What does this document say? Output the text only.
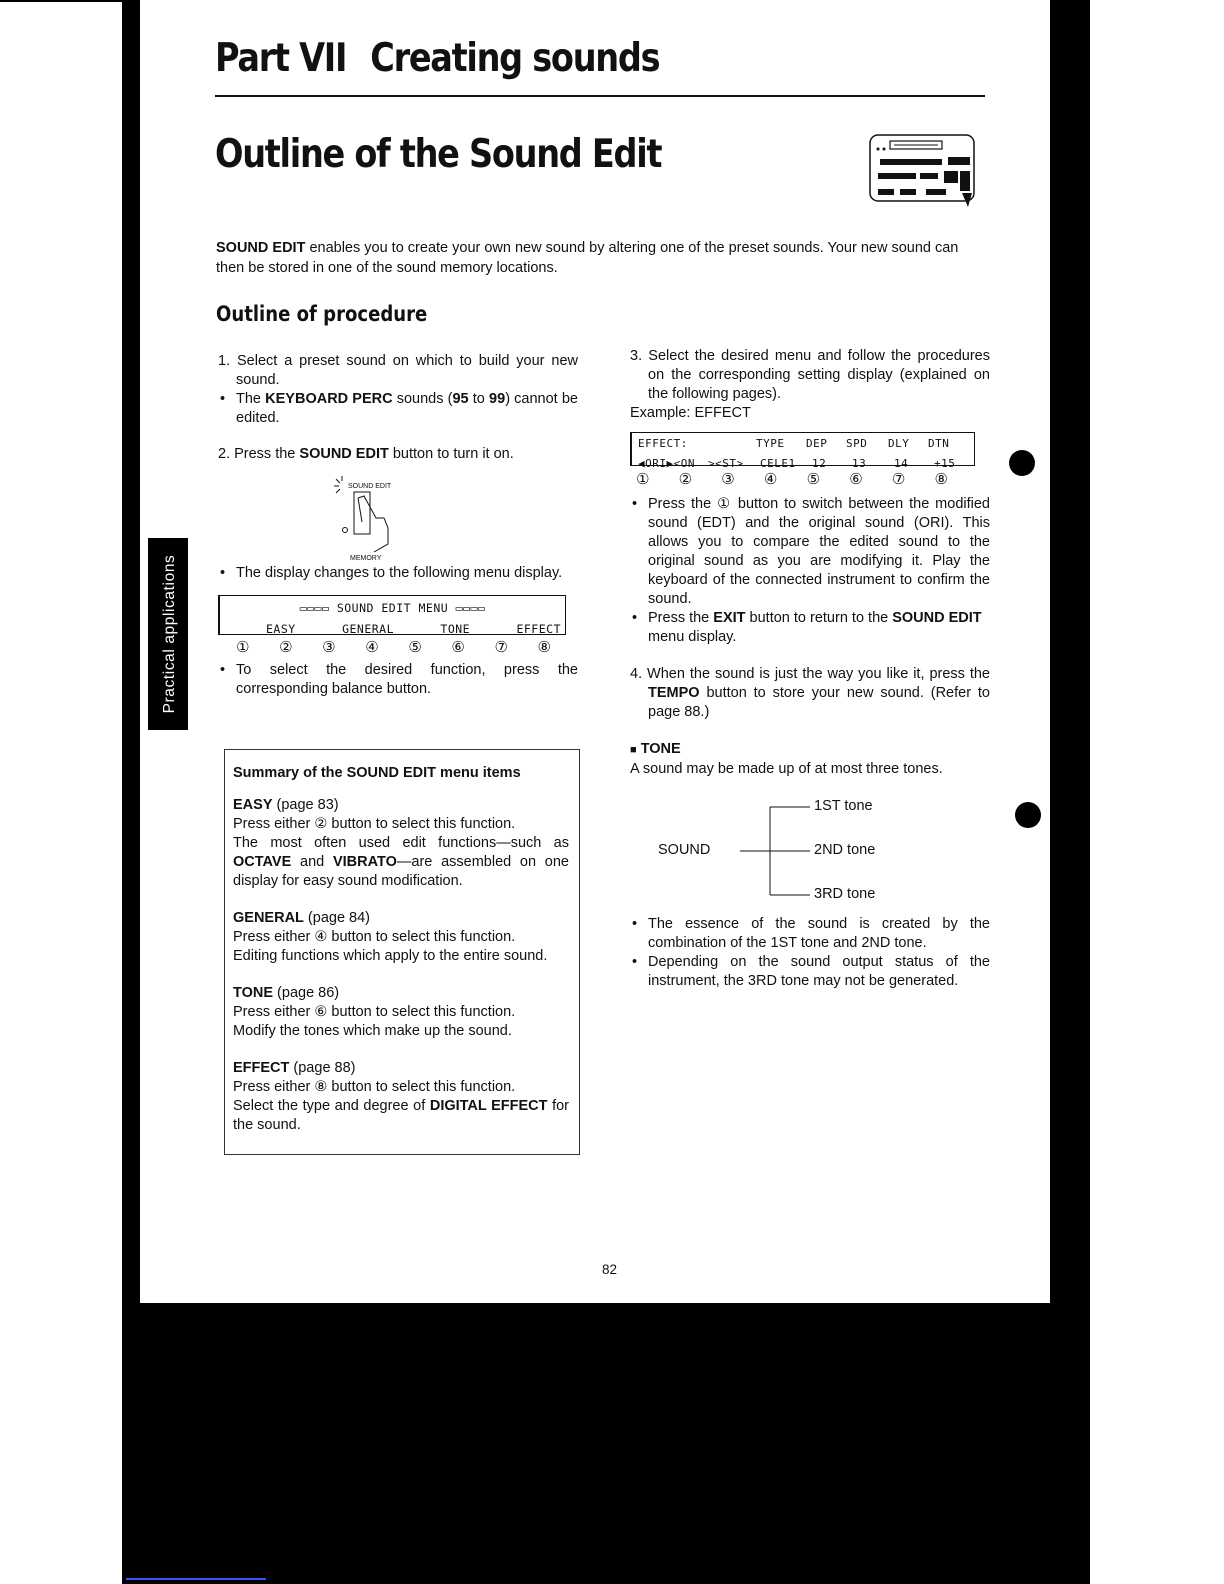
Part VII Creating sounds
Outline of the Sound Edit

SOUND EDIT enables you to create your own new sound by altering one of the preset sounds. Your new sound can then be stored in one of the sound memory locations.

Outline of procedure

1. Select a preset sound on which to build your new sound.

• The KEYBOARD PERC sounds (95 to 99) cannot be edited.

2. Press the SOUND EDIT button to turn it on.

SOUND EDIT
MEMORY

• The display changes to the following menu display.

▭▭▭▭ SOUND EDIT MENU ▭▭▭▭
EASY	GENERAL	TONE	EFFECT
① ② ③ ④ ⑤ ⑥ ⑦ ⑧

• To select the desired function, press the corresponding balance button.

Summary of the SOUND EDIT menu items

EASY (page 83)

Press either ② button to select this function.

The most often used edit functions—such as OCTAVE and VIBRATO—are assembled on one display for easy sound modification.

GENERAL (page 84)

Press either ④ button to select this function.

Editing functions which apply to the entire sound.

TONE (page 86)

Press either ⑥ button to select this function.

Modify the tones which make up the sound.

EFFECT (page 88)

Press either ⑧ button to select this function.

Select the type and degree of DIGITAL EFFECT for the sound.

3. Select the desired menu and follow the procedures on the corresponding setting display (explained on the following pages).

Example: EFFECT

EFFECT:	TYPE	DEP	SPD	DLY	DTN
◀ORI▶<ON	><ST>	CELE1	12	13	14	+15
① ② ③ ④ ⑤ ⑥ ⑦ ⑧

• Press the ① button to switch between the modified sound (EDT) and the original sound (ORI). This allows you to compare the edited sound to the original sound as you are modifying it. Play the keyboard of the connected instrument to confirm the sound.

• Press the EXIT button to return to the SOUND EDIT menu display.

4. When the sound is just the way you like it, press the TEMPO button to store your new sound. (Refer to page 88.)

■ TONE

A sound may be made up of at most three tones.

SOUND
1ST tone
2ND tone
3RD tone

• The essence of the sound is created by the combination of the 1ST tone and 2ND tone.

• Depending on the sound output status of the instrument, the 3RD tone may not be generated.

82
Practical applications
